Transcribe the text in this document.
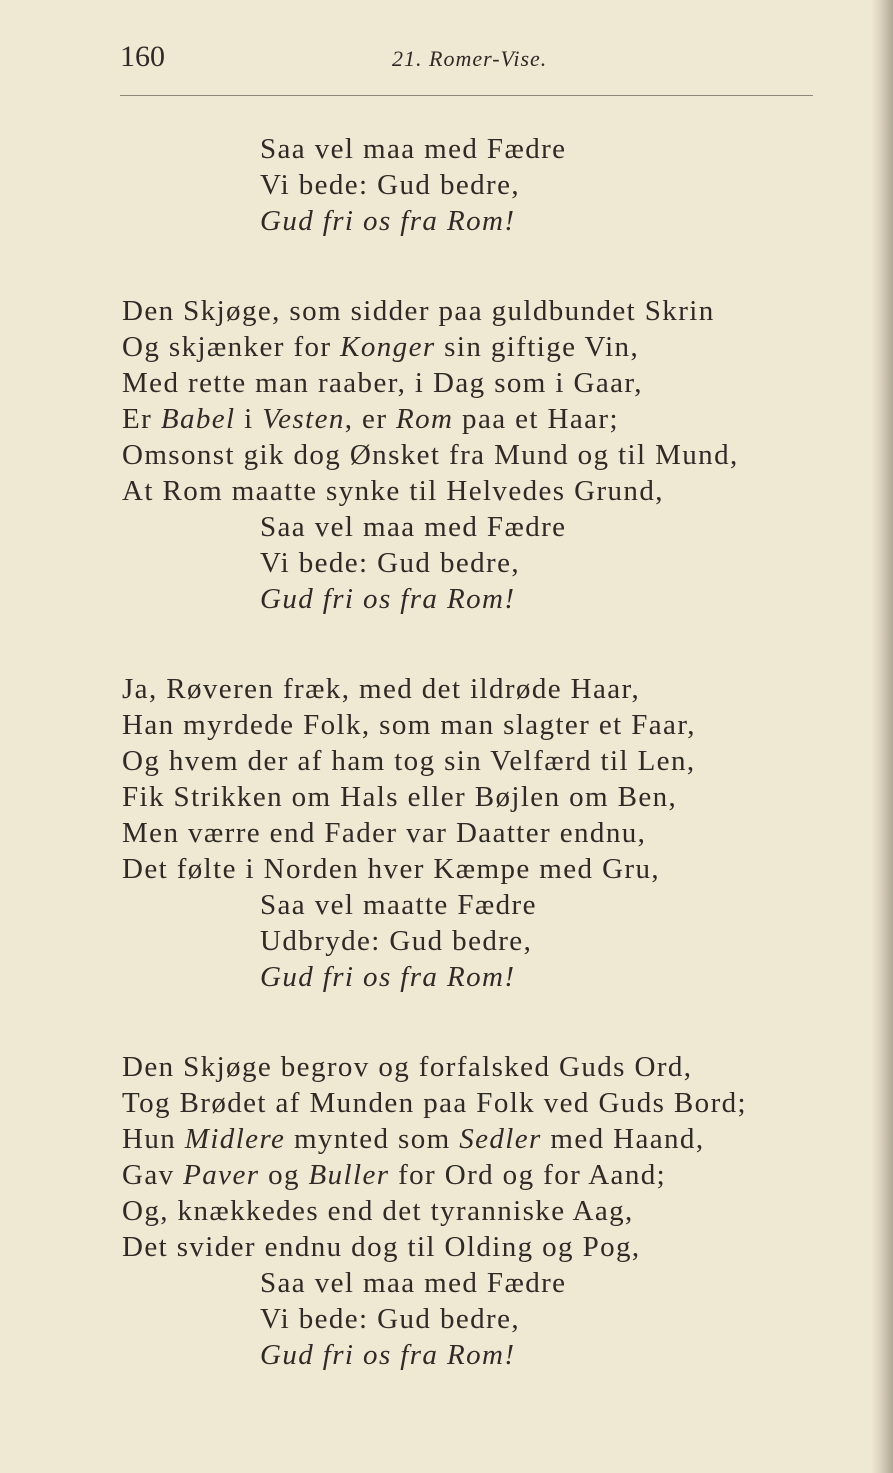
160	21. Romer-Vise.
Saa vel maa med Fædre
Vi bede: Gud bedre,
Gud fri os fra Rom!
Den Skjøge, som sidder paa guldbundet Skrin
Og skjænker for Konger sin giftige Vin,
Med rette man raaber, i Dag som i Gaar,
Er Babel i Vesten, er Rom paa et Haar;
Omsonst gik dog Ønsket fra Mund og til Mund,
At Rom maatte synke til Helvedes Grund,
Saa vel maa med Fædre
Vi bede: Gud bedre,
Gud fri os fra Rom!
Ja, Røveren fræk, med det ildrøde Haar,
Han myrdede Folk, som man slagter et Faar,
Og hvem der af ham tog sin Velfærd til Len,
Fik Strikken om Hals eller Bøjlen om Ben,
Men værre end Fader var Daatter endnu,
Det følte i Norden hver Kæmpe med Gru,
Saa vel maatte Fædre
Udbryde: Gud bedre,
Gud fri os fra Rom!
Den Skjøge begrov og forfalsked Guds Ord,
Tog Brødet af Munden paa Folk ved Guds Bord;
Hun Midlere mynted som Sedler med Haand,
Gav Paver og Buller for Ord og for Aand;
Og, knækkedes end det tyranniske Aag,
Det svider endnu dog til Olding og Pog,
Saa vel maa med Fædre
Vi bede: Gud bedre,
Gud fri os fra Rom!
